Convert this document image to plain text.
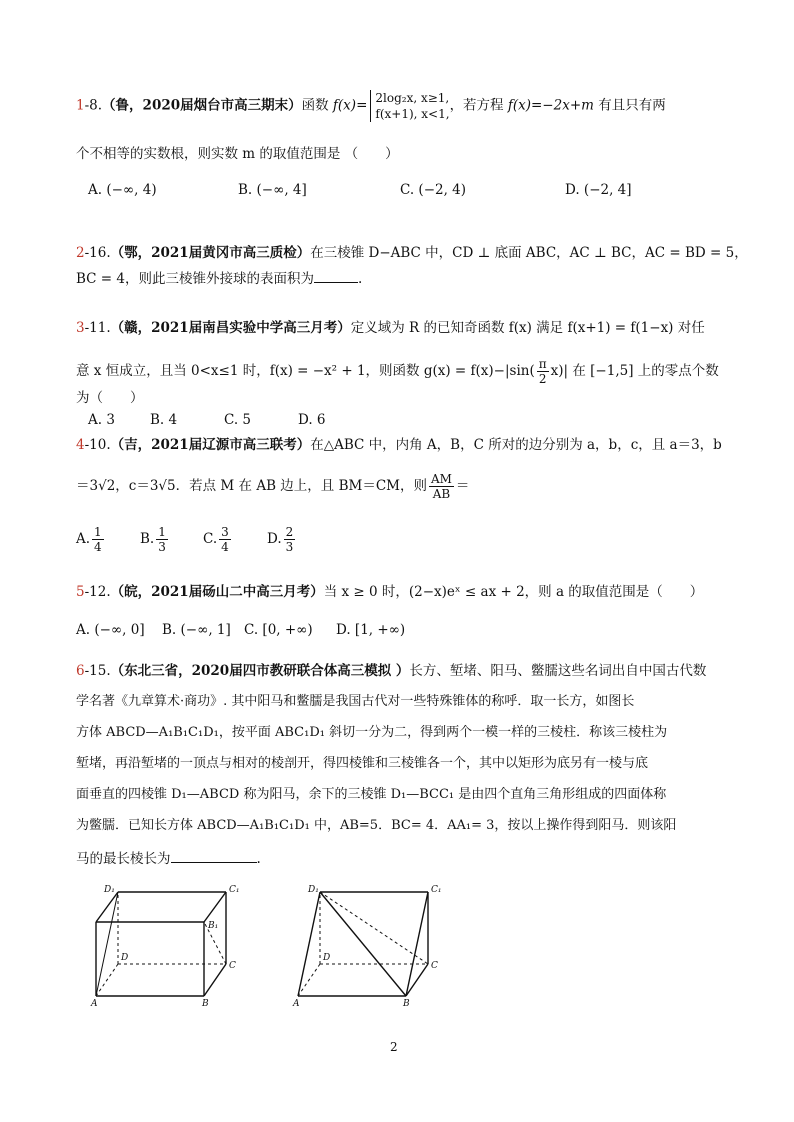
1-8.（鲁，2020届烟台市高三期末）函数 f(x)= 2log₂x, x≥1,
f(x+1), x<1,
，若方程 f(x)=−2x+m 有且只有两
个不相等的实数根，则实数 m 的取值范围是 （　　）
A. (−∞, 4)	B. (−∞, 4]	C. (−2, 4)	D. (−2, 4]
2-16.（鄂，2021届黄冈市高三质检）在三棱锥 D−ABC 中，CD ⊥ 底面 ABC，AC ⊥ BC，AC = BD = 5，
BC = 4，则此三棱锥外接球的表面积为	.
3-11.（赣，2021届南昌实验中学高三月考）定义域为 R 的已知奇函数 f(x) 满足 f(x+1) = f(1−x) 对任
意 x 恒成立，且当 0<x≤1 时，f(x) = −x² + 1，则函数 $g(x) = f(x)-|\sin( \frac{\pi}{2} x)|$ 在 [−1,5] 上的零点个数
为（　　）
A. 3	B. 4	C. 5	D. 6
4-10.（吉，2021届辽源市高三联考）在△ABC 中，内角 A，B，C 所对的边分别为 a，b，c，且 a＝3，b
＝3√2，c＝3√5．若点 M 在 AB 边上，且 BM＝CM，则 $\frac{AM}{AB}$ ＝
A. $\frac{1}{4}$	B. $\frac{1}{3}$	C. $\frac{3}{4}$	D. $\frac{2}{3}$
5-12.（皖，2021届砀山二中高三月考）当 x ≥ 0 时，(2−x)eˣ ≤ ax + 2，则 a 的取值范围是（　　）
A. (−∞, 0] B. (−∞, 1] C. [0, +∞) D. [1, +∞)
6-15.（东北三省，2020届四市教研联合体高三模拟 ）长方、堑堵、阳马、鳖臑这些名词出自中国古代数
学名著《九章算术·商功》. 其中阳马和鳖臑是我国古代对一些特殊锥体的称呼．取一长方，如图长
方体 ABCD—A₁B₁C₁D₁，按平面 ABC₁D₁ 斜切一分为二，得到两个一模一样的三棱柱．称该三棱柱为
堑堵，再沿堑堵的一顶点与相对的棱剖开，得四棱锥和三棱锥各一个，其中以矩形为底另有一棱与底
面垂直的四棱锥 D₁—ABCD 称为阳马，余下的三棱锥 D₁—BCC₁ 是由四个直角三角形组成的四面体称
为鳖臑．已知长方体 ABCD—A₁B₁C₁D₁ 中，AB=5．BC= 4．AA₁= 3，按以上操作得到阳马．则该阳
马的最长棱长为	.
D₁	C₁
B₁
D
C
A	B
D₁	C₁
D
C
A	B
2
